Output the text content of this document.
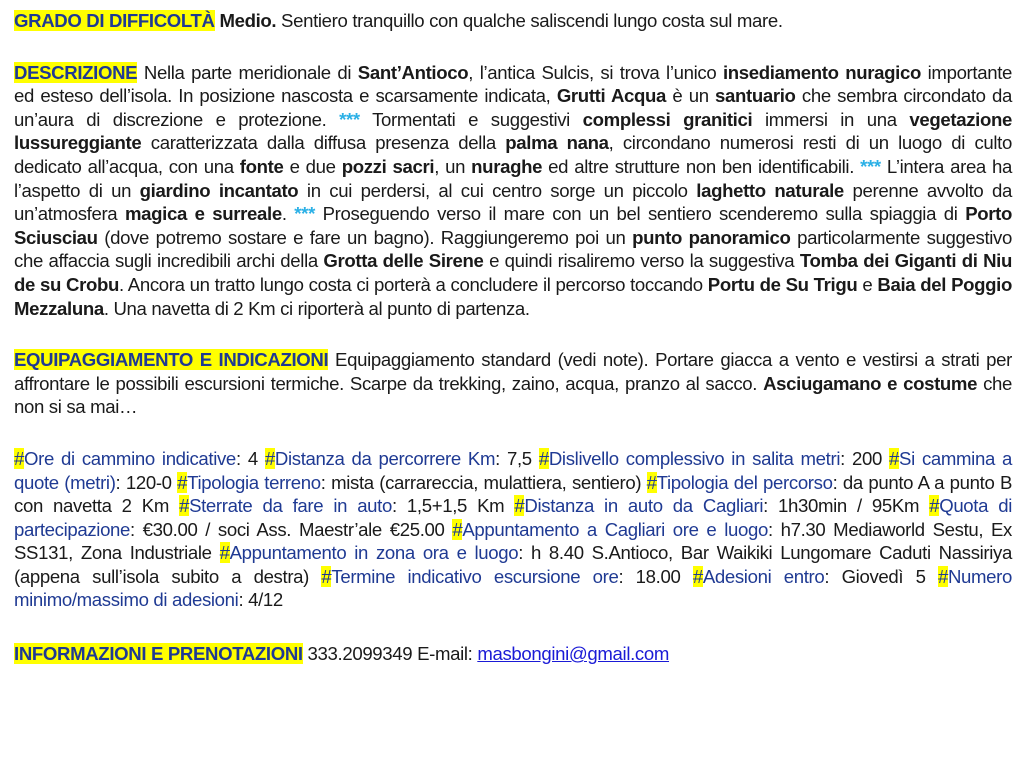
GRADO DI DIFFICOLTÀ Medio. Sentiero tranquillo con qualche saliscendi lungo costa sul mare.

DESCRIZIONE Nella parte meridionale di Sant’Antioco, l’antica Sulcis, si trova l’unico insediamento nuragico importante ed esteso dell’isola. In posizione nascosta e scarsamente indicata, Grutti Acqua è un santuario che sembra circondato da un’aura di discrezione e protezione. *** Tormentati e suggestivi complessi granitici immersi in una vegetazione lussureggiante caratterizzata dalla diffusa presenza della palma nana, circondano numerosi resti di un luogo di culto dedicato all’acqua, con una fonte e due pozzi sacri, un nuraghe ed altre strutture non ben identificabili. *** L’intera area ha l’aspetto di un giardino incantato in cui perdersi, al cui centro sorge un piccolo laghetto naturale perenne avvolto da un’atmosfera magica e surreale. *** Proseguendo verso il mare con un bel sentiero scenderemo sulla spiaggia di Porto Sciusciau (dove potremo sostare e fare un bagno). Raggiungeremo poi un punto panoramico particolarmente suggestivo che affaccia sugli incredibili archi della Grotta delle Sirene e quindi risaliremo verso la suggestiva Tomba dei Giganti di Niu de su Crobu. Ancora un tratto lungo costa ci porterà a concludere il percorso toccando Portu de Su Trigu e Baia del Poggio Mezzaluna. Una navetta di 2 Km ci riporterà al punto di partenza.

EQUIPAGGIAMENTO E INDICAZIONI Equipaggiamento standard (vedi note). Portare giacca a vento e vestirsi a strati per affrontare le possibili escursioni termiche. Scarpe da trekking, zaino, acqua, pranzo al sacco. Asciugamano e costume che non si sa mai…

#Ore di cammino indicative: 4 #Distanza da percorrere Km: 7,5 #Dislivello complessivo in salita metri: 200 #Si cammina a quote (metri): 120-0 #Tipologia terreno: mista (carrareccia, mulattiera, sentiero) #Tipologia del percorso: da punto A a punto B con navetta 2 Km #Sterrate da fare in auto: 1,5+1,5 Km #Distanza in auto da Cagliari: 1h30min / 95Km #Quota di partecipazione: €30.00 / soci Ass. Maestr’ale €25.00 #Appuntamento a Cagliari ore e luogo: h7.30 Mediaworld Sestu, Ex SS131, Zona Industriale #Appuntamento in zona ora e luogo: h 8.40 S.Antioco, Bar Waikiki Lungomare Caduti Nassiriya (appena sull’isola subito a destra) #Termine indicativo escursione ore: 18.00 #Adesioni entro: Giovedì 5 #Numero minimo/massimo di adesioni: 4/12

INFORMAZIONI E PRENOTAZIONI 333.2099349 E-mail: masbongini@gmail.com
